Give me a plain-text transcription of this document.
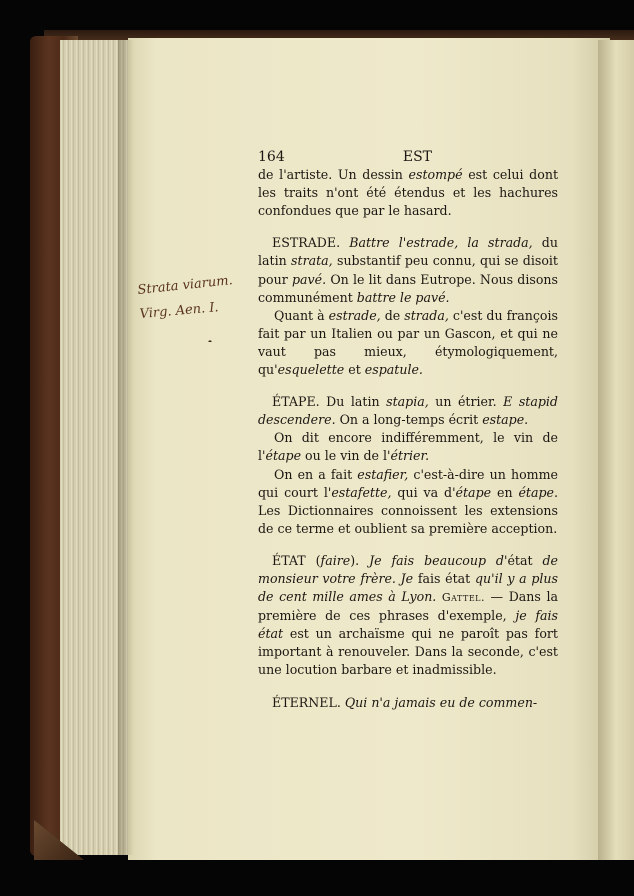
Strata viarum.
Virg. Aen. I.
164	EST

de l'artiste. Un dessin estompé est celui dont les traits n'ont été étendus et les hachures confondues que par le hasard.

ESTRADE. Battre l'estrade, la strada, du latin strata, substantif peu connu, qui se disoit pour pavé. On le lit dans Eutrope. Nous disons communément battre le pavé.

Quant à estrade, de strada, c'est du françois fait par un Italien ou par un Gascon, et qui ne vaut pas mieux, étymologiquement, qu'esquelette et espatule.

ÉTAPE. Du latin stapia, un étrier. E stapid descendere. On a long-temps écrit estape.

On dit encore indifféremment, le vin de l'étape ou le vin de l'étrier.

On en a fait estafier, c'est-à-dire un homme qui court l'estafette, qui va d'étape en étape. Les Dictionnaires connoissent les extensions de ce terme et oublient sa première acception.

ÉTAT (faire). Je fais beaucoup d'état de monsieur votre frère. Je fais état qu'il y a plus de cent mille ames à Lyon. Gattel. — Dans la première de ces phrases d'exemple, je fais état est un archaïsme qui ne paroît pas fort important à renouveler. Dans la seconde, c'est une locution barbare et inadmissible.

ÉTERNEL. Qui n'a jamais eu de commen-
